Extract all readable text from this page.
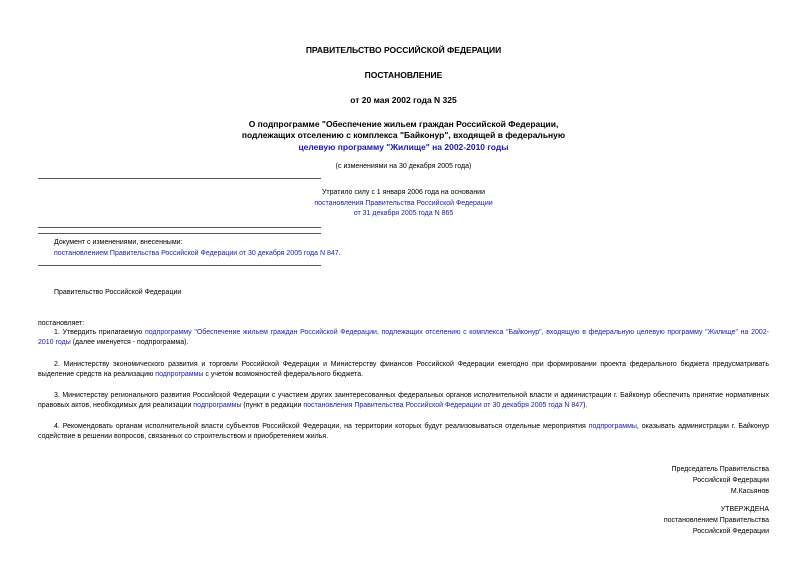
ПРАВИТЕЛЬСТВО РОССИЙСКОЙ ФЕДЕРАЦИИ
ПОСТАНОВЛЕНИЕ
от 20 мая 2002 года N 325
О подпрограмме "Обеспечение жильем граждан Российской Федерации,
подлежащих отселению с комплекса "Байконур", входящей в федеральную
целевую программу "Жилище" на 2002-2010 годы
(с изменениями на 30 декабря 2005 года)
Утратило силу с 1 января 2006 года на основании
постановления Правительства Российской Федерации
от 31 декабря 2005 года N 865
Документ с изменениями, внесенными:
постановлением Правительства Российской Федерации от 30 декабря 2005 года N 847.
Правительство Российской Федерации
постановляет:
1. Утвердить прилагаемую подпрограмму "Обеспечение жильем граждан Российской Федерации, подлежащих отселению с комплекса "Байконур", входящую в федеральную целевую программу "Жилище" на 2002-2010 годы (далее именуется - подпрограмма).
2. Министерству экономического развития и торговли Российской Федерации и Министерству финансов Российской Федерации ежегодно при формировании проекта федерального бюджета предусматривать выделение средств на реализацию подпрограммы с учетом возможностей федерального бюджета.
3. Министерству регионального развития Российской Федерации с участием других заинтересованных федеральных органов исполнительной власти и администрации г. Байконур обеспечить принятие нормативных правовых актов, необходимых для реализации подпрограммы (пункт в редакции постановления Правительства Российской Федерации от 30 декабря 2005 года N 847).
4. Рекомендовать органам исполнительной власти субъектов Российской Федерации, на территории которых будут реализовываться отдельные мероприятия подпрограммы, оказывать администрации г. Байконур содействие в решении вопросов, связанных со строительством и приобретением жилья.
Председатель Правительства
Российской Федерации
М.Касьянов
УТВЕРЖДЕНА
постановлением Правительства
Российской Федерации
